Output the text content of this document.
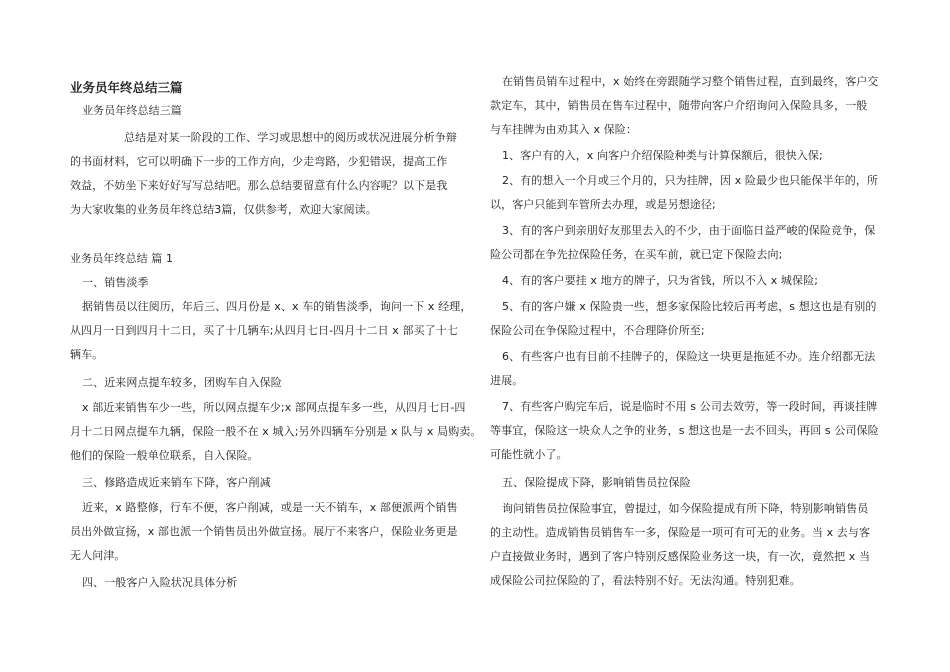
业务员年终总结三篇
业务员年终总结三篇
总结是对某一阶段的工作、学习或思想中的阅历或状况进展分析争辩
的书面材料，它可以明确下一步的工作方向，少走弯路，少犯错误，提高工作
效益，不妨坐下来好好写写总结吧。那么总结要留意有什么内容呢？以下是我
为大家收集的业务员年终总结3篇，仅供参考，欢迎大家阅读。
业务员年终总结 篇 1
一、销售淡季
据销售员以往阅历，年后三、四月份是 x、x 车的销售淡季，询问一下 x 经理，
从四月一日到四月十二日，买了十几辆车;从四月七日-四月十二日 x 部买了十七
辆车。
二、近来网点提车较多，团购车自入保险
x 部近来销售车少一些，所以网点提车少;x 部网点提车多一些，从四月七日-四
月十二日网点提车九辆，保险一般不在 x 城入;另外四辆车分别是 x 队与 x 局购卖。
他们的保险一般单位联系，自入保险。
三、修路造成近来销车下降，客户削减
近来，x 路整修，行车不便，客户削减，或是一天不销车，x 部便派两个销售
员出外做宣扬，x 部也派一个销售员出外做宣扬。展厅不来客户，保险业务更是
无人问津。
四、一般客户入险状况具体分析
在销售员销车过程中，x 始终在旁跟随学习整个销售过程，直到最终，客户交
款定车，其中，销售员在售车过程中，随带向客户介绍询问入保险具多，一般
与车挂牌为由劝其入 x 保险：
1、客户有的入，x 向客户介绍保险种类与计算保额后，很快入保;
2、有的想入一个月或三个月的，只为挂牌，因 x 险最少也只能保半年的，所
以，客户只能到车管所去办理，或是另想途径;
3、有的客户到亲朋好友那里去入的不少，由于面临日益严峻的保险竞争，保
险公司都在争先拉保险任务，在买车前，就已定下保险去向;
4、有的客户要挂 x 地方的牌子，只为省钱，所以不入 x 城保险;
5、有的客户嫌 x 保险贵一些，想多家保险比较后再考虑，s 想这也是有别的
保险公司在争保险过程中，不合理降价所至;
6、有些客户也有目前不挂牌子的，保险这一块更是拖延不办。连介绍都无法
进展。
7、有些客户购完车后，说是临时不用 s 公司去效劳，等一段时间，再谈挂牌
等事宜，保险这一块众人之争的业务，s 想这也是一去不回头，再回 s 公司保险
可能性就小了。
五、保险提成下降，影响销售员拉保险
询问销售员拉保险事宜，曾提过，如今保险提成有所下降，特别影响销售员
的主动性。造成销售员销售车一多，保险是一项可有可无的业务。当 x 去与客
户直接做业务时，遇到了客户特别反感保险业务这一块，有一次，竟然把 x 当
成保险公司拉保险的了，看法特别不好。无法沟通。特别犯难。
